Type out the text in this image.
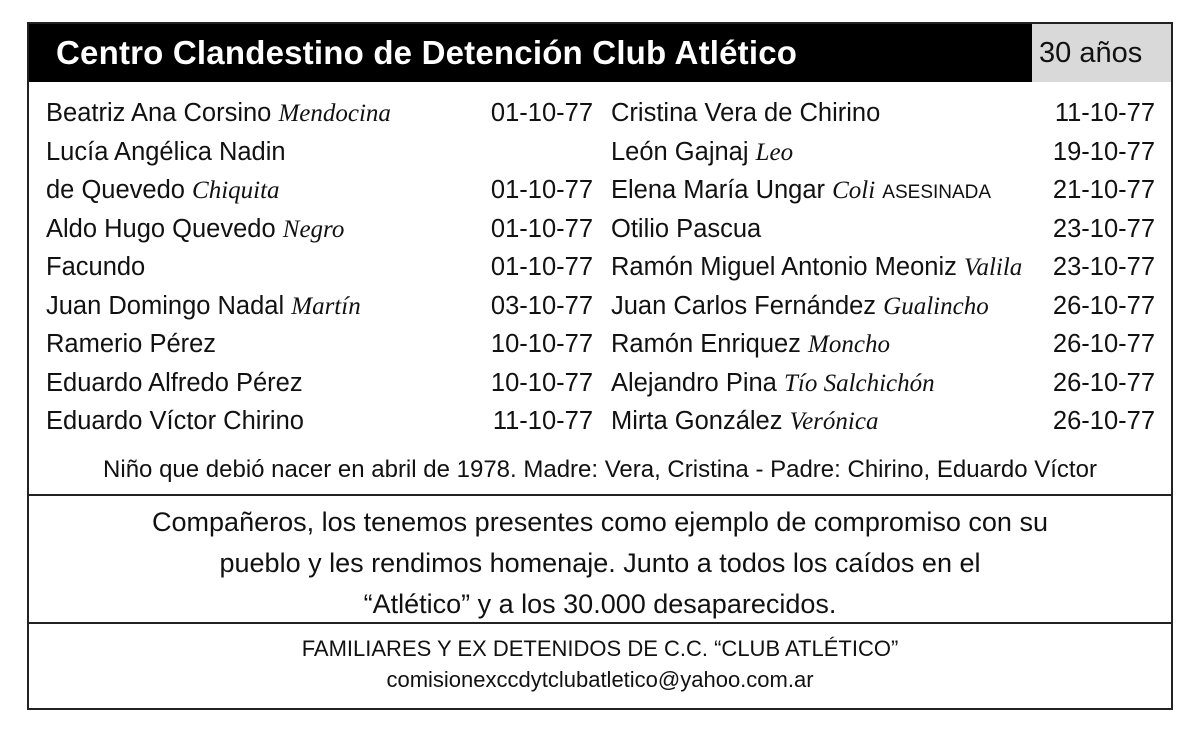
Centro Clandestino de Detención Club Atlético	30 años
Beatriz Ana Corsino Mendocina	01-10-77
Lucía Angélica Nadin
de Quevedo Chiquita	01-10-77
Aldo Hugo Quevedo Negro	01-10-77
Facundo	01-10-77
Juan Domingo Nadal Martín	03-10-77
Ramerio Pérez	10-10-77
Eduardo Alfredo Pérez	10-10-77
Eduardo Víctor Chirino	11-10-77
Cristina Vera de Chirino	11-10-77
León Gajnaj Leo	19-10-77
Elena María Ungar Coli ASESINADA 21-10-77
Otilio Pascua	23-10-77
Ramón Miguel Antonio Meoniz Valila 23-10-77
Juan Carlos Fernández Gualincho	26-10-77
Ramón Enriquez Moncho	26-10-77
Alejandro Pina Tío Salchichón	26-10-77
Mirta González Verónica	26-10-77
Niño que debió nacer en abril de 1978. Madre: Vera, Cristina - Padre: Chirino, Eduardo Víctor
Compañeros, los tenemos presentes como ejemplo de compromiso con su
pueblo y les rendimos homenaje. Junto a todos los caídos en el
“Atlético” y a los 30.000 desaparecidos.
FAMILIARES Y EX DETENIDOS DE C.C. “CLUB ATLÉTICO”
comisionexccdytclubatletico@yahoo.com.ar
